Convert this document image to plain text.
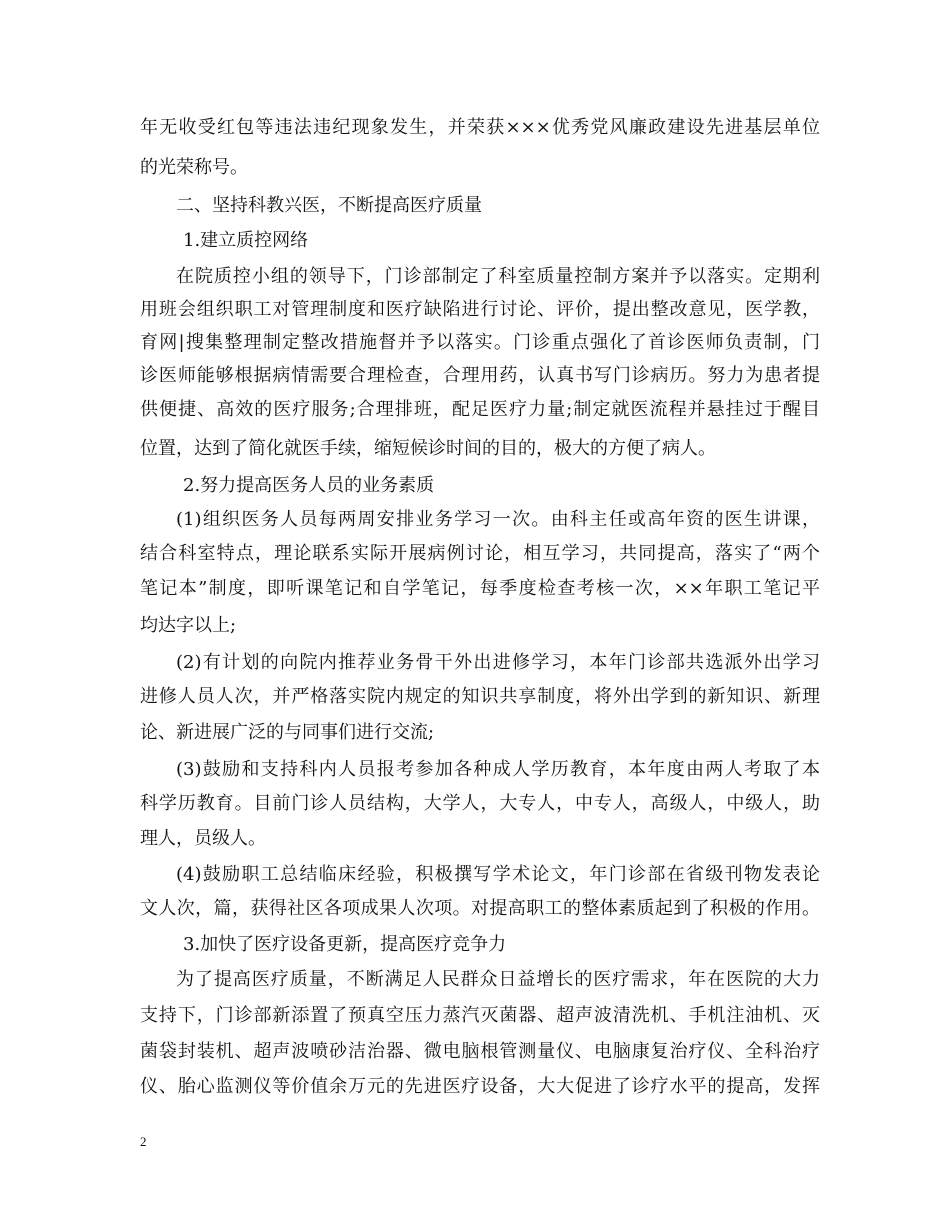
年无收受红包等违法违纪现象发生，并荣获×××优秀党风廉政建设先进基层单位
的光荣称号。
二、坚持科教兴医，不断提高医疗质量
1.建立质控网络
在院质控小组的领导下，门诊部制定了科室质量控制方案并予以落实。定期利
用班会组织职工对管理制度和医疗缺陷进行讨论、评价，提出整改意见，医学教，
育网|搜集整理制定整改措施督并予以落实。门诊重点强化了首诊医师负责制，门
诊医师能够根据病情需要合理检查，合理用药，认真书写门诊病历。努力为患者提
供便捷、高效的医疗服务;合理排班，配足医疗力量;制定就医流程并悬挂过于醒目
位置，达到了简化就医手续，缩短候诊时间的目的，极大的方便了病人。
2.努力提高医务人员的业务素质
(1)组织医务人员每两周安排业务学习一次。由科主任或高年资的医生讲课，
结合科室特点，理论联系实际开展病例讨论，相互学习，共同提高，落实了“两个
笔记本”制度，即听课笔记和自学笔记，每季度检查考核一次，××年职工笔记平
均达字以上;
(2)有计划的向院内推荐业务骨干外出进修学习，本年门诊部共选派外出学习
进修人员人次，并严格落实院内规定的知识共享制度，将外出学到的新知识、新理
论、新进展广泛的与同事们进行交流;
(3)鼓励和支持科内人员报考参加各种成人学历教育，本年度由两人考取了本
科学历教育。目前门诊人员结构，大学人，大专人，中专人，高级人，中级人，助
理人，员级人。
(4)鼓励职工总结临床经验，积极撰写学术论文，年门诊部在省级刊物发表论
文人次，篇，获得社区各项成果人次项。对提高职工的整体素质起到了积极的作用。
3.加快了医疗设备更新，提高医疗竞争力
为了提高医疗质量，不断满足人民群众日益增长的医疗需求，年在医院的大力
支持下，门诊部新添置了预真空压力蒸汽灭菌器、超声波清洗机、手机注油机、灭
菌袋封装机、超声波喷砂洁治器、微电脑根管测量仪、电脑康复治疗仪、全科治疗
仪、胎心监测仪等价值余万元的先进医疗设备，大大促进了诊疗水平的提高，发挥
2
